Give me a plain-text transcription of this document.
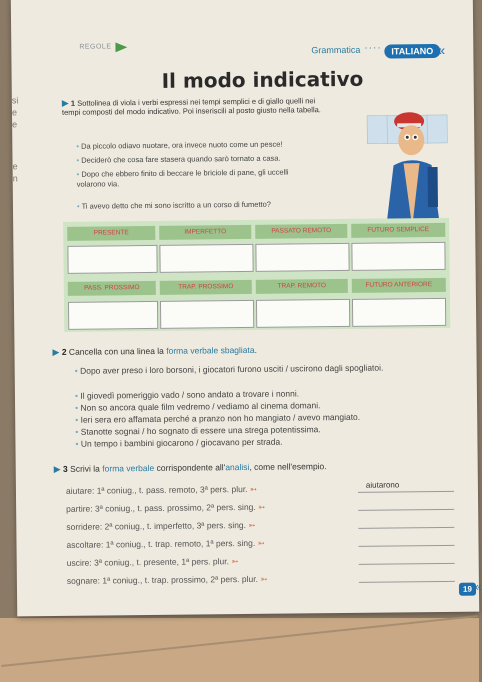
si
e
e
e
n
REGOLE	Grammatica ····	ITALIANO «
Il modo indicativo
▶ 1 Sottolinea di viola i verbi espressi nei tempi semplici e di giallo quelli nei tempi composti del modo indicativo. Poi inseriscili al posto giusto nella tabella.
• Da piccolo odiavo nuotare, ora invece nuoto come un pesce!
• Deciderò che cosa fare stasera quando sarò tornato a casa.
• Dopo che ebbero finito di beccare le briciole di pane, gli uccelli volarono via.
• Ti avevo detto che mi sono iscritto a un corso di fumetto?
PRESENTE	IMPERFETTO	PASSATO REMOTO	FUTURO SEMPLICE
PASS. PROSSIMO	TRAP. PROSSIMO	TRAP. REMOTO	FUTURO ANTERIORE
▶ 2 Cancella con una linea la forma verbale sbagliata.
• Dopo aver preso i loro borsoni, i giocatori furono usciti / uscirono dagli spogliatoi.
• Il giovedì pomeriggio vado / sono andato a trovare i nonni.
• Non so ancora quale film vedremo / vediamo al cinema domani.
• Ieri sera ero affamata perché a pranzo non ho mangiato / avevo mangiato.
• Stanotte sognai / ho sognato di essere una strega potentissima.
• Un tempo i bambini giocarono / giocavano per strada.
▶ 3 Scrivi la forma verbale corrispondente all'analisi, come nell'esempio.
aiutare: 1ª coniug., t. pass. remoto, 3ª pers. plur. ➳	aiutarono
partire: 3ª coniug., t. pass. prossimo, 2ª pers. sing. ➳
sorridere: 2ª coniug., t. imperfetto, 3ª pers. sing. ➳
ascoltare: 1ª coniug., t. trap. remoto, 1ª pers. sing. ➳
uscire: 3ª coniug., t. presente, 1ª pers. plur. ➳
sognare: 1ª coniug., t. trap. prossimo, 2ª pers. plur. ➳
19 «
